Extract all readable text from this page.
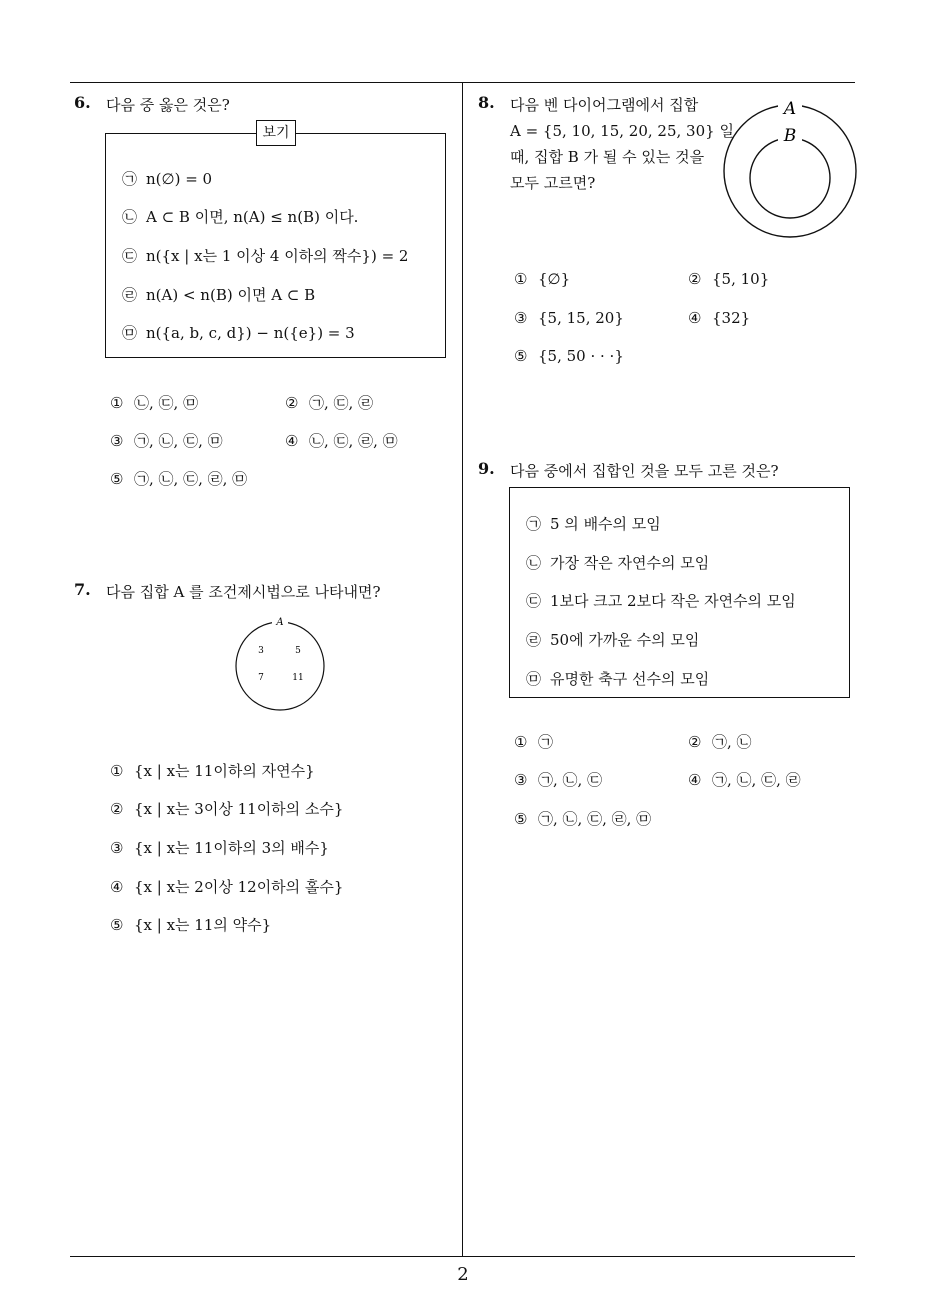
6. 다음 중 옳은 것은?
보기
㉠ n(∅) = 0
㉡ A ⊂ B 이면, n(A) ≤ n(B) 이다.
㉢ n({x | x는 1 이상 4 이하의 짝수}) = 2
㉣ n(A) < n(B) 이면 A ⊂ B
㉤ n({a, b, c, d}) − n({e}) = 3
① ㉡, ㉢, ㉤	② ㉠, ㉢, ㉣
③ ㉠, ㉡, ㉢, ㉤	④ ㉡, ㉢, ㉣, ㉤
⑤ ㉠, ㉡, ㉢, ㉣, ㉤
7. 다음 집합 A 를 조건제시법으로 나타내면?
A
3	5
7	11
① {x | x는 11이하의 자연수}
② {x | x는 3이상 11이하의 소수}
③ {x | x는 11이하의 3의 배수}
④ {x | x는 2이상 12이하의 홀수}
⑤ {x | x는 11의 약수}
8. 다음 벤 다이어그램에서 집합
A = {5, 10, 15, 20, 25, 30} 일
때, 집합 B 가 될 수 있는 것을
모두 고르면?
A
B
① {∅}	② {5, 10}
③ {5, 15, 20}	④ {32}
⑤ {5, 50 · · ·}
9. 다음 중에서 집합인 것을 모두 고른 것은?
㉠ 5 의 배수의 모임
㉡ 가장 작은 자연수의 모임
㉢ 1보다 크고 2보다 작은 자연수의 모임
㉣ 50에 가까운 수의 모임
㉤ 유명한 축구 선수의 모임
① ㉠	② ㉠, ㉡
③ ㉠, ㉡, ㉢	④ ㉠, ㉡, ㉢, ㉣
⑤ ㉠, ㉡, ㉢, ㉣, ㉤
2
